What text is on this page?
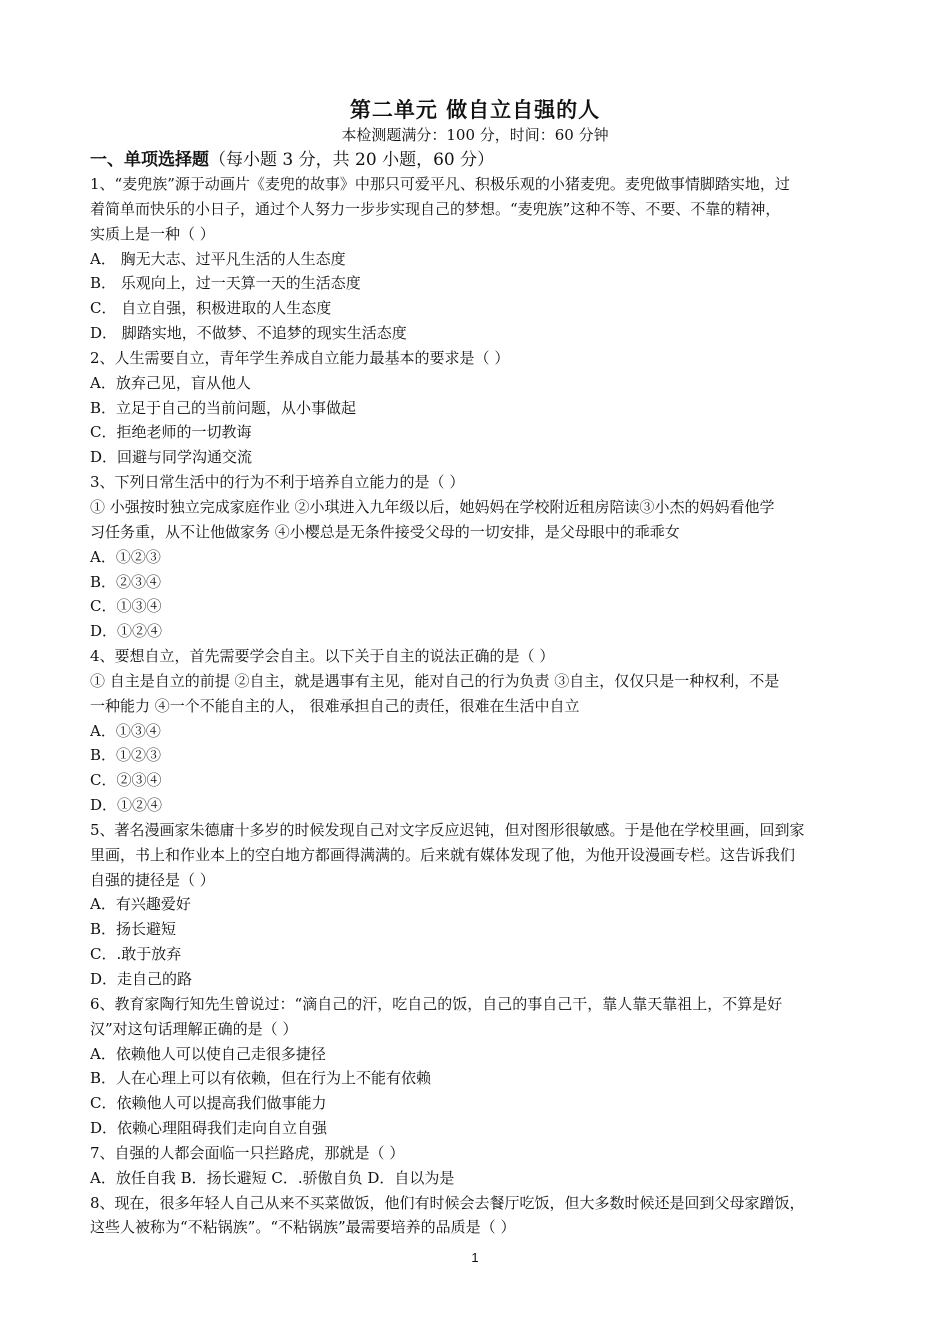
第二单元 做自立自强的人
本检测题满分：100 分，时间：60 分钟
一、单项选择题（每小题 3 分，共 20 小题，60 分）
1、“麦兜族”源于动画片《麦兜的故事》中那只可爱平凡、积极乐观的小猪麦兜。麦兜做事情脚踏实地，过
着简单而快乐的小日子，通过个人努力一步步实现自己的梦想。“麦兜族”这种不等、不要、不靠的精神，
实质上是一种（ ）
A． 胸无大志、过平凡生活的人生态度
B． 乐观向上，过一天算一天的生活态度
C． 自立自强，积极进取的人生态度
D． 脚踏实地，不做梦、不追梦的现实生活态度
2、人生需要自立，青年学生养成自立能力最基本的要求是（ ）
A．放弃己见，盲从他人
B．立足于自己的当前问题，从小事做起
C．拒绝老师的一切教诲
D．回避与同学沟通交流
3、下列日常生活中的行为不利于培养自立能力的是（ ）
① 小强按时独立完成家庭作业 ②小琪进入九年级以后，她妈妈在学校附近租房陪读③小杰的妈妈看他学
习任务重，从不让他做家务 ④小樱总是无条件接受父母的一切安排，是父母眼中的乖乖女
A．①②③
B．②③④
C．①③④
D．①②④
4、要想自立，首先需要学会自主。以下关于自主的说法正确的是（ ）
① 自主是自立的前提 ②自主，就是遇事有主见，能对自己的行为负责 ③自主，仅仅只是一种权利，不是
一种能力 ④一个不能自主的人， 很难承担自己的责任，很难在生活中自立
A．①③④
B．①②③
C．②③④
D．①②④
5、著名漫画家朱德庸十多岁的时候发现自己对文字反应迟钝，但对图形很敏感。于是他在学校里画，回到家
里画，书上和作业本上的空白地方都画得满满的。后来就有媒体发现了他，为他开设漫画专栏。这告诉我们
自强的捷径是（ ）
A．有兴趣爱好
B．扬长避短
C．.敢于放弃
D．走自己的路
6、教育家陶行知先生曾说过：“滴自己的汗，吃自己的饭，自己的事自己干，靠人靠天靠祖上，不算是好
汉”对这句话理解正确的是（ ）
A．依赖他人可以使自己走很多捷径
B．人在心理上可以有依赖，但在行为上不能有依赖
C．依赖他人可以提高我们做事能力
D．依赖心理阻碍我们走向自立自强
7、自强的人都会面临一只拦路虎，那就是（ ）
A．放任自我 B．扬长避短 C．.骄傲自负 D．自以为是
8、现在，很多年轻人自己从来不买菜做饭，他们有时候会去餐厅吃饭，但大多数时候还是回到父母家蹭饭，
这些人被称为“不粘锅族”。“不粘锅族”最需要培养的品质是（ ）
1
